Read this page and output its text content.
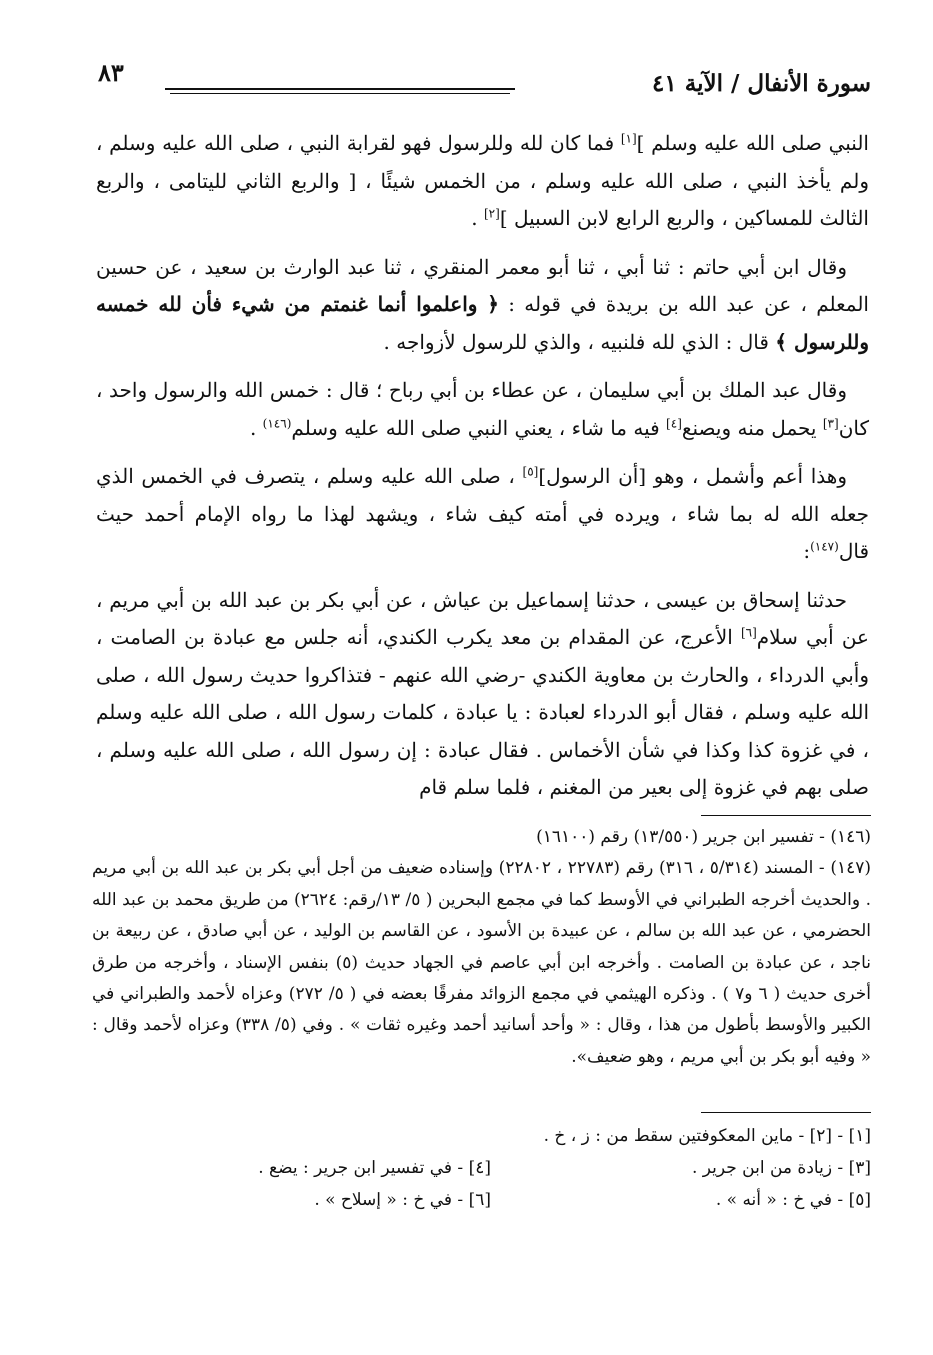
سورة الأنفال / الآية ٤١
٨٣

النبي صلى الله عليه وسلم ][١] فما كان لله وللرسول فهو لقرابة النبي ، صلى الله عليه وسلم ، ولم يأخذ النبي ، صلى الله عليه وسلم ، من الخمس شيئًا ، [ والربع الثاني لليتامى ، والربع الثالث للمساكين ، والربع الرابع لابن السبيل ][٢] .

وقال ابن أبي حاتم : ثنا أبي ، ثنا أبو معمر المنقري ، ثنا عبد الوارث بن سعيد ، عن حسين المعلم ، عن عبد الله بن بريدة في قوله : ﴿ واعلموا أنما غنمتم من شيء فأن لله خمسه وللرسول ﴾ قال : الذي لله فلنبيه ، والذي للرسول لأزواجه .

وقال عبد الملك بن أبي سليمان ، عن عطاء بن أبي رباح ؛ قال : خمس الله والرسول واحد ، كان[٣] يحمل منه ويصنع[٤] فيه ما شاء ، يعني النبي صلى الله عليه وسلم$^{(١٤٦)}$ .

وهذا أعم وأشمل ، وهو [أن الرسول][٥] ، صلى الله عليه وسلم ، يتصرف في الخمس الذي جعله الله له بما شاء ، ويرده في أمته كيف شاء ، ويشهد لهذا ما رواه الإمام أحمد حيث قال$^{(١٤٧)}$:

حدثنا إسحاق بن عيسى ، حدثنا إسماعيل بن عياش ، عن أبي بكر بن عبد الله بن أبي مريم ، عن أبي سلام[٦] الأعرج، عن المقدام بن معد يكرب الكندي، أنه جلس مع عبادة بن الصامت ، وأبي الدرداء ، والحارث بن معاوية الكندي -رضي الله عنهم - فتذاكروا حديث رسول الله ، صلى الله عليه وسلم ، فقال أبو الدرداء لعبادة : يا عبادة ، كلمات رسول الله ، صلى الله عليه وسلم ، في غزوة كذا وكذا في شأن الأخماس . فقال عبادة : إن رسول الله ، صلى الله عليه وسلم ، صلى بهم في غزوة إلى بعير من المغنم ، فلما سلم قام

(١٤٦) - تفسير ابن جرير (١٣/٥٥٠) رقم (١٦١٠٠)

(١٤٧) - المسند (٥/٣١٤ ، ٣١٦) رقم (٢٢٧٨٣ ، ٢٢٨٠٢) وإسناده ضعيف من أجل أبي بكر بن عبد الله بن أبي مريم . والحديث أخرجه الطبراني في الأوسط كما في مجمع البحرين ( ٥/ ١٣/رقم: ٢٦٢٤) من طريق محمد بن عبد الله الحضرمي ، عن عبد الله بن سالم ، عن عبيدة بن الأسود ، عن القاسم بن الوليد ، عن أبي صادق ، عن ربيعة بن ناجد ، عن عبادة بن الصامت . وأخرجه ابن أبي عاصم في الجهاد حديث (٥) بنفس الإسناد ، وأخرجه من طرق أخرى حديث ( ٦ و٧ ) . وذكره الهيثمي في مجمع الزوائد مفرقًا بعضه في ( ٥/ ٢٧٢) وعزاه لأحمد والطبراني في الكبير والأوسط بأطول من هذا ، وقال : « وأحد أسانيد أحمد وغيره ثقات » . وفي (٥/ ٣٣٨) وعزاه لأحمد وقال : « وفيه أبو بكر بن أبي مريم ، وهو ضعيف».

[١] - [٢] - ماين المعكوفتين سقط من : ز ، خ .
[٣] - زيادة من ابن جرير .
[٤] - في تفسير ابن جرير : يضع .
[٥] - في خ : « أنه » .
[٦] - في خ : « إسلاح » .
